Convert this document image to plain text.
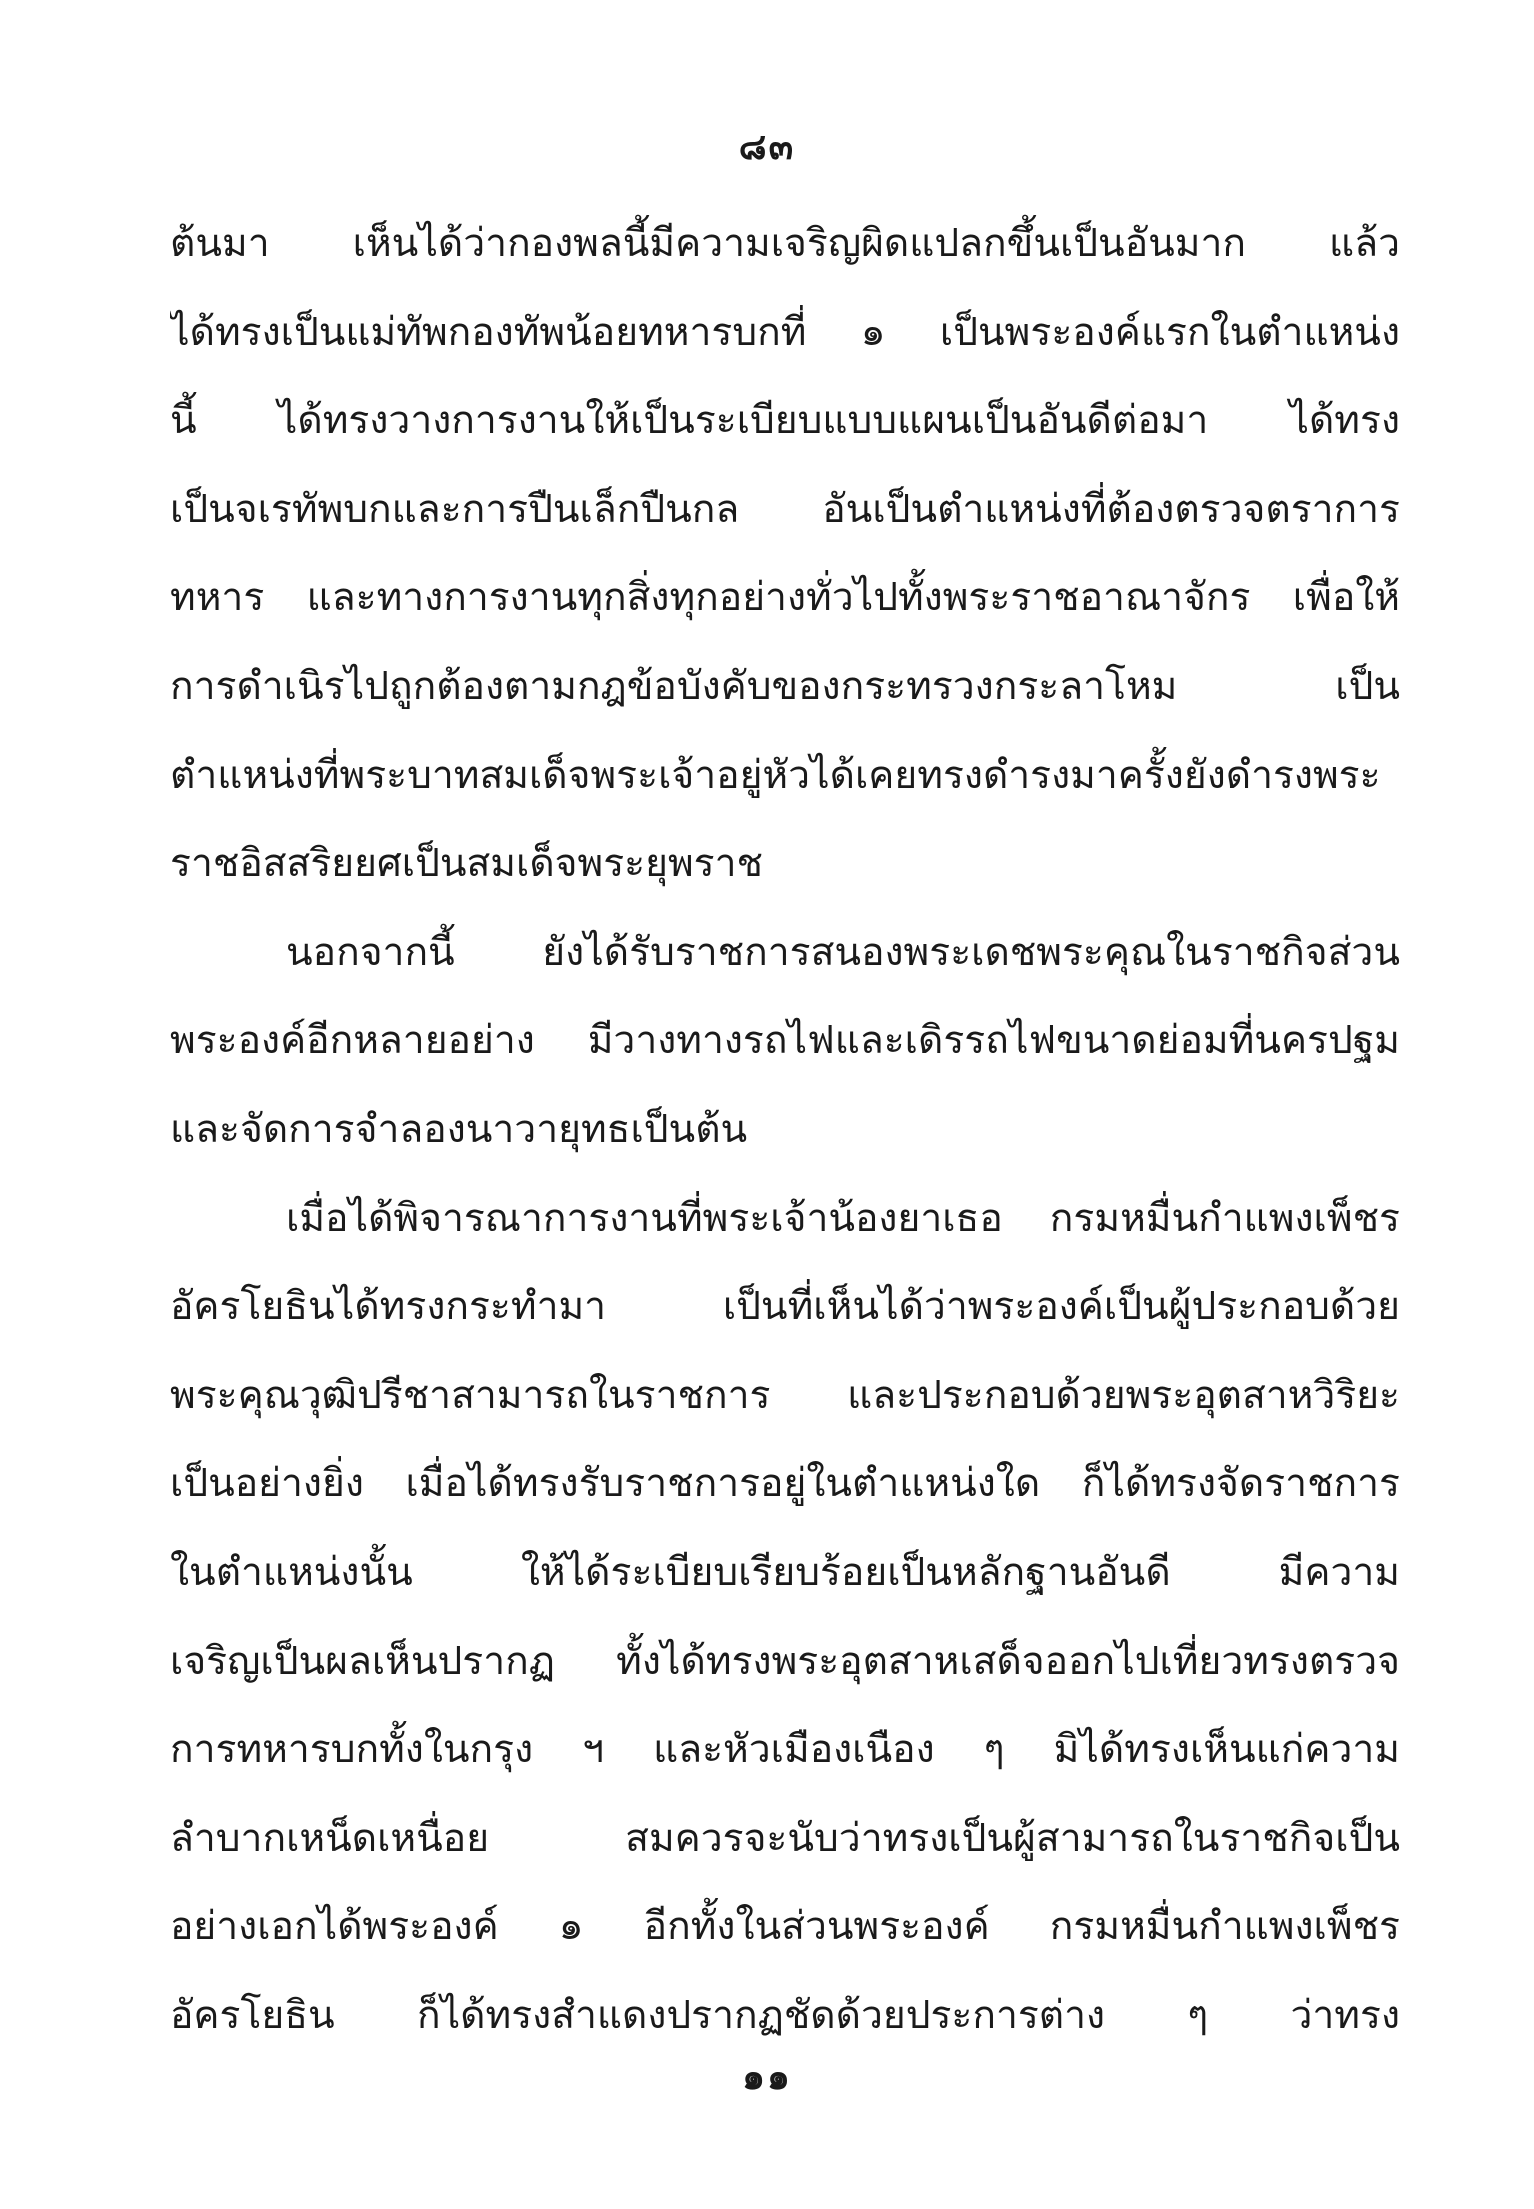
๘๓
ต้นมา เห็นได้ว่ากองพลนี้มีความเจริญผิดแปลกขึ้นเป็นอันมาก แล้ว
ได้ทรงเป็นแม่ทัพกองทัพน้อยทหารบกที่ ๑ เป็นพระองค์แรกในตำแหน่ง
นี้ ได้ทรงวางการงานให้เป็นระเบียบแบบแผนเป็นอันดีต่อมา ได้ทรง
เป็นจเรทัพบกและการปืนเล็กปืนกล อันเป็นตำแหน่งที่ต้องตรวจตราการ
ทหาร และทางการงานทุกสิ่งทุกอย่างทั่วไปทั้งพระราชอาณาจักร เพื่อให้
การดำเนิรไปถูกต้องตามกฎข้อบังคับของกระทรวงกระลาโหม เป็น
ตำแหน่งที่พระบาทสมเด็จพระเจ้าอยู่หัวได้เคยทรงดำรงมาครั้งยังดำรงพระ
ราชอิสสริยยศเป็นสมเด็จพระยุพราช
นอกจากนี้ ยังได้รับราชการสนองพระเดชพระคุณในราชกิจส่วน
พระองค์อีกหลายอย่าง มีวางทางรถไฟและเดิรรถไฟขนาดย่อมที่นครปฐม
และจัดการจำลองนาวายุทธเป็นต้น
เมื่อได้พิจารณาการงานที่พระเจ้าน้องยาเธอ กรมหมื่นกำแพงเพ็ชร
อัครโยธินได้ทรงกระทำมา เป็นที่เห็นได้ว่าพระองค์เป็นผู้ประกอบด้วย
พระคุณวุฒิปรีชาสามารถในราชการ และประกอบด้วยพระอุตสาหวิริยะ
เป็นอย่างยิ่ง เมื่อได้ทรงรับราชการอยู่ในตำแหน่งใด ก็ได้ทรงจัดราชการ
ในตำแหน่งนั้น ให้ได้ระเบียบเรียบร้อยเป็นหลักฐานอันดี มีความ
เจริญเป็นผลเห็นปรากฏ ทั้งได้ทรงพระอุตสาหเสด็จออกไปเที่ยวทรงตรวจ
การทหารบกทั้งในกรุง ฯ และหัวเมืองเนือง ๆ มิได้ทรงเห็นแก่ความ
ลำบากเหน็ดเหนื่อย สมควรจะนับว่าทรงเป็นผู้สามารถในราชกิจเป็น
อย่างเอกได้พระองค์ ๑ อีกทั้งในส่วนพระองค์ กรมหมื่นกำแพงเพ็ชร
อัครโยธิน ก็ได้ทรงสำแดงปรากฏชัดด้วยประการต่าง ๆ ว่าทรง
๑๑
